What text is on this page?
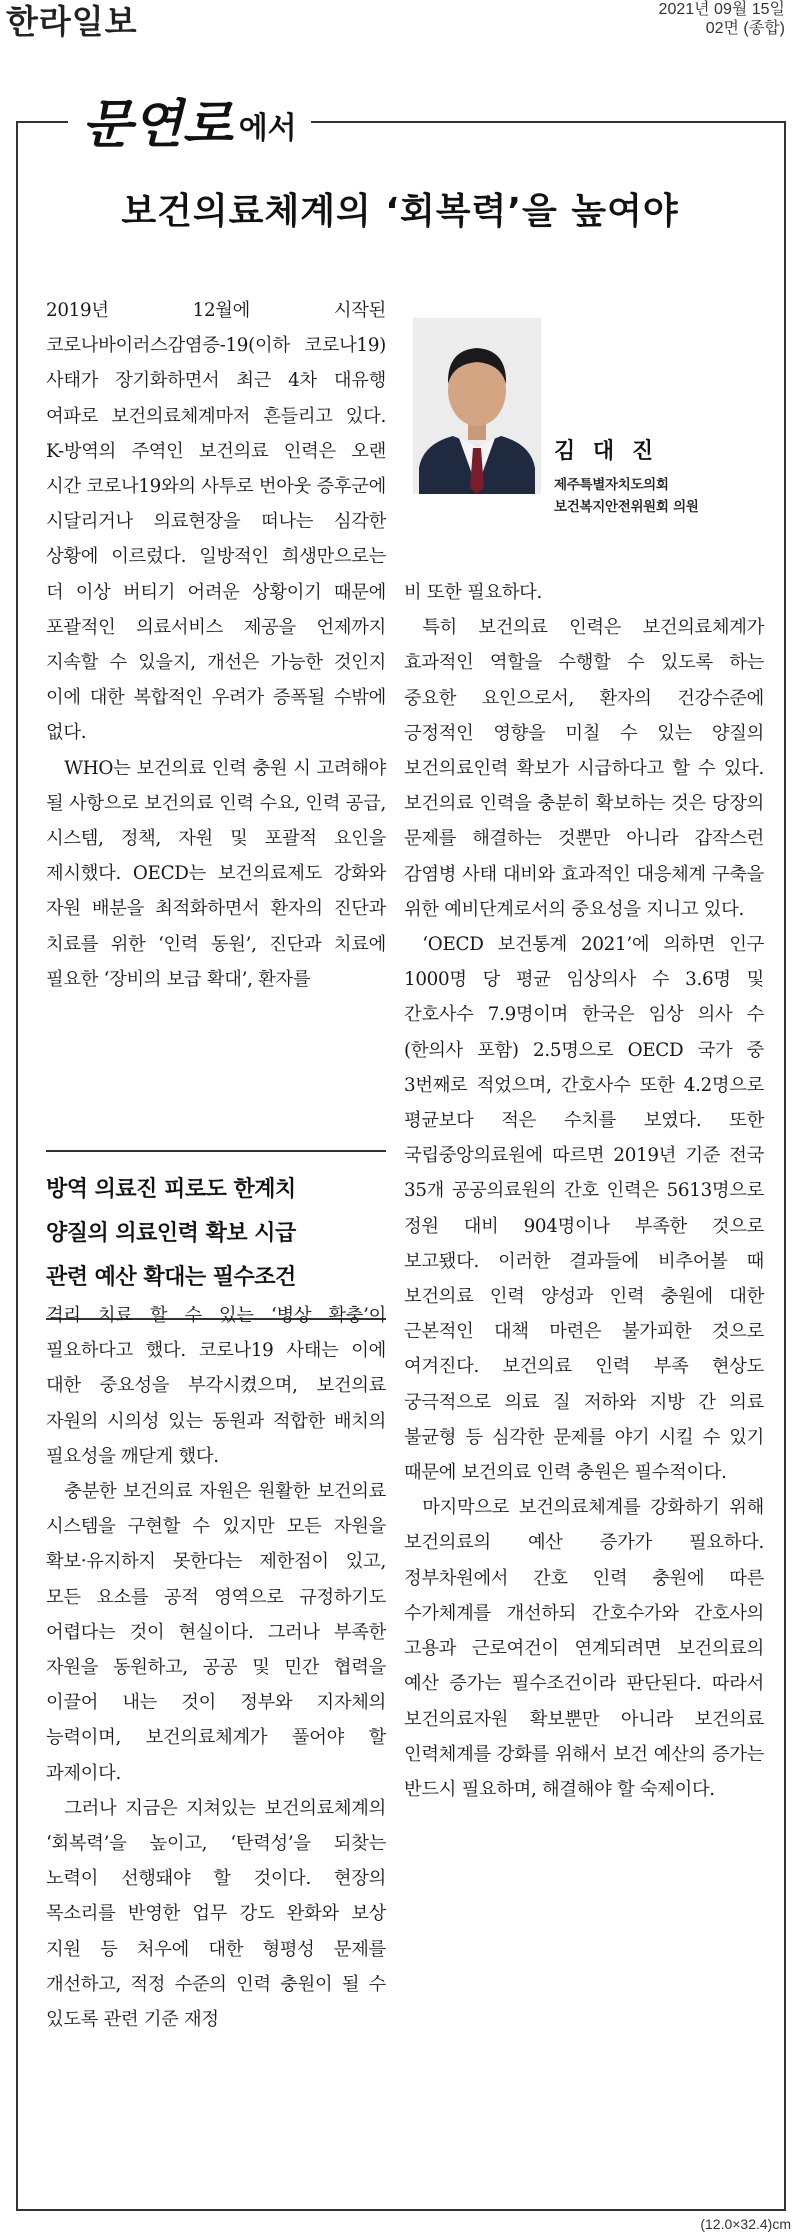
한라일보	2021년 09월 15일
02면 (종합)
문연로 에서
보건의료체계의 ‘회복력’을 높여야

2019년 12월에 시작된 코로나바이러스감염증-19(이하 코로나19) 사태가 장기화하면서 최근 4차 대유행 여파로 보건의료체계마저 흔들리고 있다. K-방역의 주역인 보건의료 인력은 오랜 시간 코로나19와의 사투로 번아웃 증후군에 시달리거나 의료현장을 떠나는 심각한 상황에 이르렀다. 일방적인 희생만으로는 더 이상 버티기 어려운 상황이기 때문에 포괄적인 의료서비스 제공을 언제까지 지속할 수 있을지, 개선은 가능한 것인지 이에 대한 복합적인 우려가 증폭될 수밖에 없다.

WHO는 보건의료 인력 충원 시 고려해야 될 사항으로 보건의료 인력 수요, 인력 공급, 시스템, 정책, 자원 및 포괄적 요인을 제시했다. OECD는 보건의료제도 강화와 자원 배분을 최적화하면서 환자의 진단과 치료를 위한 ‘인력 동원’, 진단과 치료에 필요한 ‘장비의 보급 확대’, 환자를

방역 의료진 피로도 한계치
양질의 의료인력 확보 시급
관련 예산 확대는 필수조건

격리 치료 할 수 있는 ‘병상 확충’이 필요하다고 했다. 코로나19 사태는 이에 대한 중요성을 부각시켰으며, 보건의료 자원의 시의성 있는 동원과 적합한 배치의 필요성을 깨닫게 했다.

충분한 보건의료 자원은 원활한 보건의료 시스템을 구현할 수 있지만 모든 자원을 확보·유지하지 못한다는 제한점이 있고, 모든 요소를 공적 영역으로 규정하기도 어렵다는 것이 현실이다. 그러나 부족한 자원을 동원하고, 공공 및 민간 협력을 이끌어 내는 것이 정부와 지자체의 능력이며, 보건의료체계가 풀어야 할 과제이다.

그러나 지금은 지쳐있는 보건의료체계의 ‘회복력’을 높이고, ‘탄력성’을 되찾는 노력이 선행돼야 할 것이다. 현장의 목소리를 반영한 업무 강도 완화와 보상 지원 등 처우에 대한 형평성 문제를 개선하고, 적정 수준의 인력 충원이 될 수 있도록 관련 기준 재정

김 대 진
제주특별자치도의회
보건복지안전위원회 의원

비 또한 필요하다.

특히 보건의료 인력은 보건의료체계가 효과적인 역할을 수행할 수 있도록 하는 중요한 요인으로서, 환자의 건강수준에 긍정적인 영향을 미칠 수 있는 양질의 보건의료인력 확보가 시급하다고 할 수 있다. 보건의료 인력을 충분히 확보하는 것은 당장의 문제를 해결하는 것뿐만 아니라 갑작스런 감염병 사태 대비와 효과적인 대응체계 구축을 위한 예비단계로서의 중요성을 지니고 있다.

‘OECD 보건통계 2021’에 의하면 인구 1000명 당 평균 임상의사 수 3.6명 및 간호사수 7.9명이며 한국은 임상 의사 수(한의사 포함) 2.5명으로 OECD 국가 중 3번째로 적었으며, 간호사수 또한 4.2명으로 평균보다 적은 수치를 보였다. 또한 국립중앙의료원에 따르면 2019년 기준 전국 35개 공공의료원의 간호 인력은 5613명으로 정원 대비 904명이나 부족한 것으로 보고됐다. 이러한 결과들에 비추어볼 때 보건의료 인력 양성과 인력 충원에 대한 근본적인 대책 마련은 불가피한 것으로 여겨진다. 보건의료 인력 부족 현상도 궁극적으로 의료 질 저하와 지방 간 의료 불균형 등 심각한 문제를 야기 시킬 수 있기 때문에 보건의료 인력 충원은 필수적이다.

마지막으로 보건의료체계를 강화하기 위해 보건의료의 예산 증가가 필요하다. 정부차원에서 간호 인력 충원에 따른 수가체계를 개선하되 간호수가와 간호사의 고용과 근로여건이 연계되려면 보건의료의 예산 증가는 필수조건이라 판단된다. 따라서 보건의료자원 확보뿐만 아니라 보건의료 인력체계를 강화를 위해서 보건 예산의 증가는 반드시 필요하며, 해결해야 할 숙제이다.

(12.0×32.4)cm
